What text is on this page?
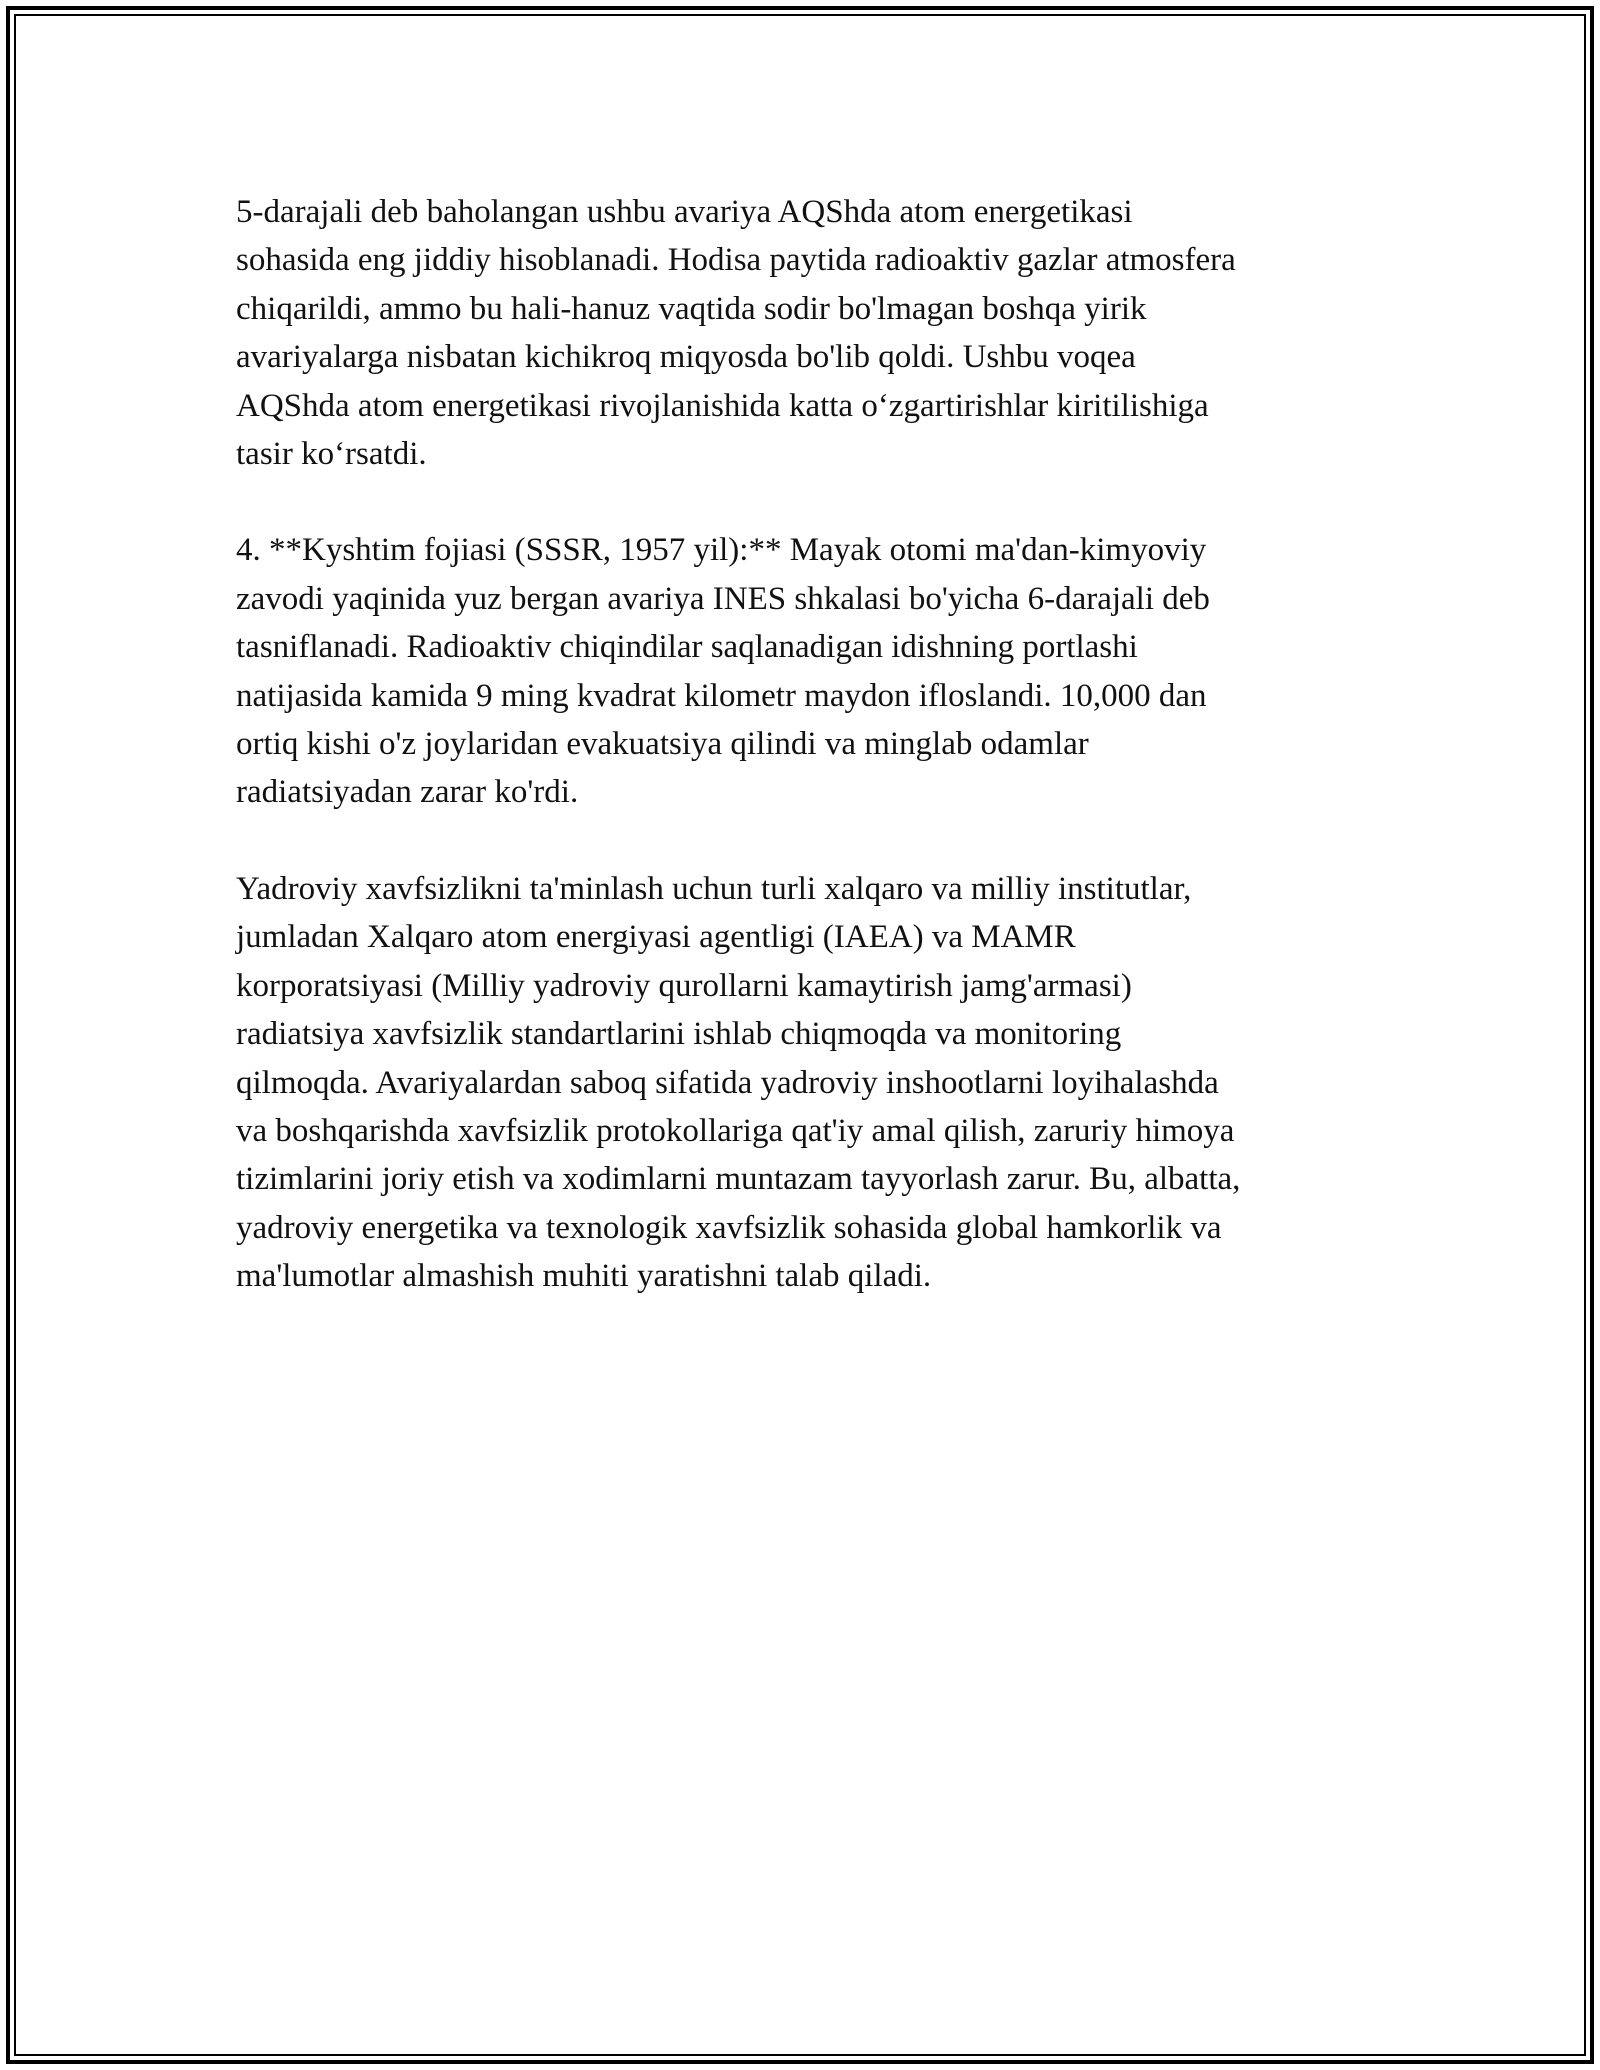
5-darajali deb baholangan ushbu avariya AQShda atom energetikasi
sohasida eng jiddiy hisoblanadi. Hodisa paytida radioaktiv gazlar atmosfera
chiqarildi, ammo bu hali-hanuz vaqtida sodir bo'lmagan boshqa yirik
avariyalarga nisbatan kichikroq miqyosda bo'lib qoldi. Ushbu voqea
AQShda atom energetikasi rivojlanishida katta o‘zgartirishlar kiritilishiga
tasir ko‘rsatdi.

4. **Kyshtim fojiasi (SSSR, 1957 yil):** Mayak otomi ma'dan-kimyoviy
zavodi yaqinida yuz bergan avariya INES shkalasi bo'yicha 6-darajali deb
tasniflanadi. Radioaktiv chiqindilar saqlanadigan idishning portlashi
natijasida kamida 9 ming kvadrat kilometr maydon ifloslandi. 10,000 dan
ortiq kishi o'z joylaridan evakuatsiya qilindi va minglab odamlar
radiatsiyadan zarar ko'rdi.

Yadroviy xavfsizlikni ta'minlash uchun turli xalqaro va milliy institutlar,
jumladan Xalqaro atom energiyasi agentligi (IAEA) va MAMR
korporatsiyasi (Milliy yadroviy qurollarni kamaytirish jamg'armasi)
radiatsiya xavfsizlik standartlarini ishlab chiqmoqda va monitoring
qilmoqda. Avariyalardan saboq sifatida yadroviy inshootlarni loyihalashda
va boshqarishda xavfsizlik protokollariga qat'iy amal qilish, zaruriy himoya
tizimlarini joriy etish va xodimlarni muntazam tayyorlash zarur. Bu, albatta,
yadroviy energetika va texnologik xavfsizlik sohasida global hamkorlik va
ma'lumotlar almashish muhiti yaratishni talab qiladi.
